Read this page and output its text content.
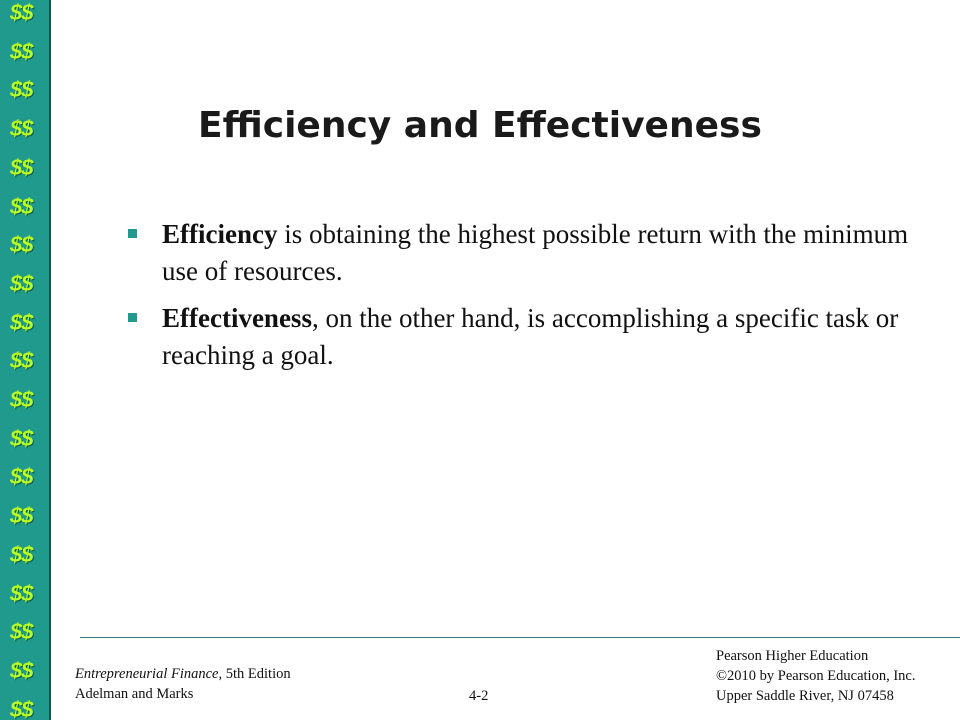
$$
$$
$$
$$
$$
$$
$$
$$
$$
$$
$$
$$
$$
$$
$$
$$
$$
$$
$$
Efficiency and Effectiveness
Efficiency is obtaining the highest possible return with the minimum use of resources.
Effectiveness, on the other hand, is accomplishing a specific task or reaching a goal.
Entrepreneurial Finance, 5th Edition
Adelman and Marks	4-2
Pearson Higher Education
©2010 by Pearson Education, Inc.
Upper Saddle River, NJ 07458
